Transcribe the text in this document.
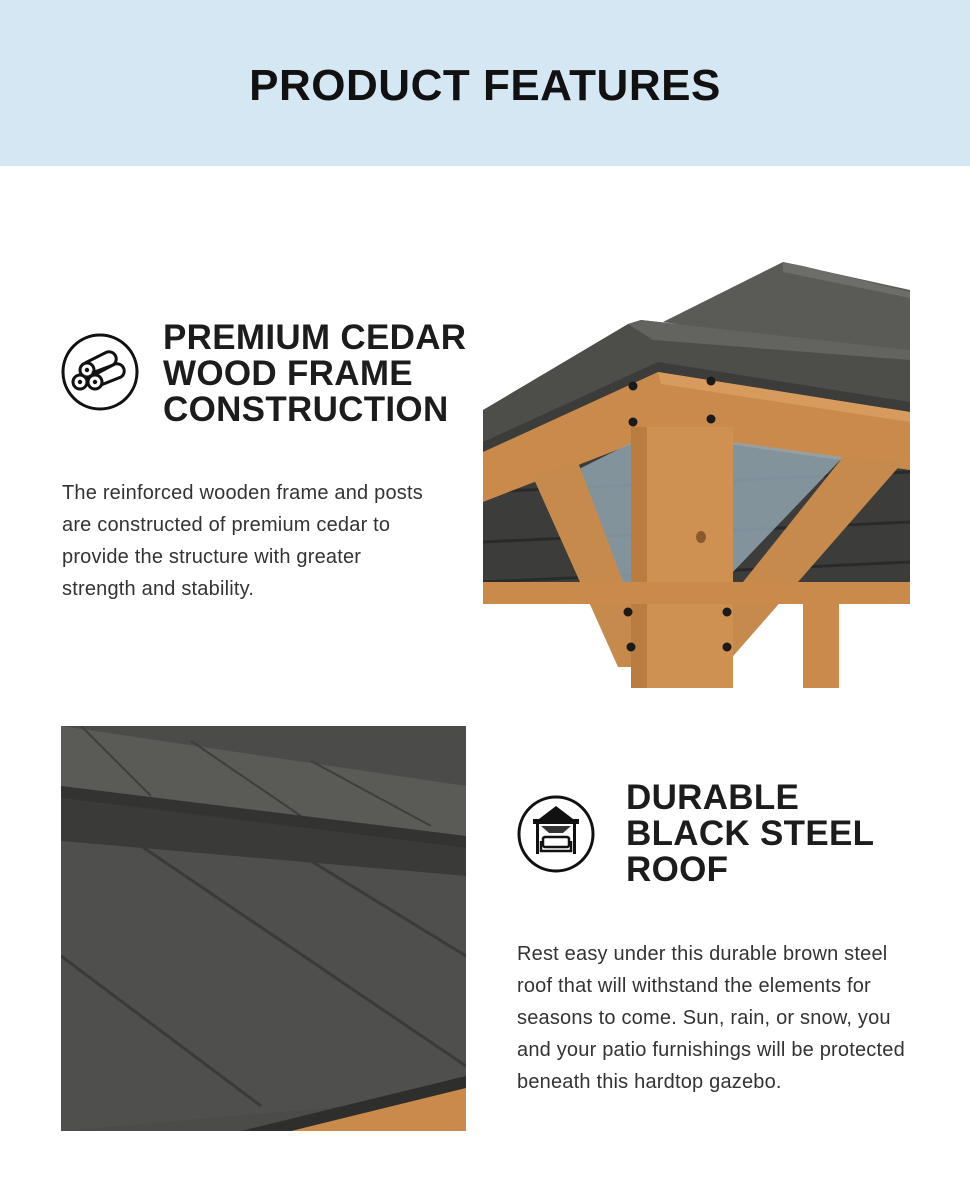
PRODUCT FEATURES
PREMIUM CEDAR
WOOD FRAME
CONSTRUCTION

The reinforced wooden frame and posts are constructed of premium cedar to provide the structure with greater strength and stability.

DURABLE
BLACK STEEL
ROOF

Rest easy under this durable brown steel roof that will withstand the elements for seasons to come. Sun, rain, or snow, you and your patio furnishings will be protected beneath this hardtop gazebo.
